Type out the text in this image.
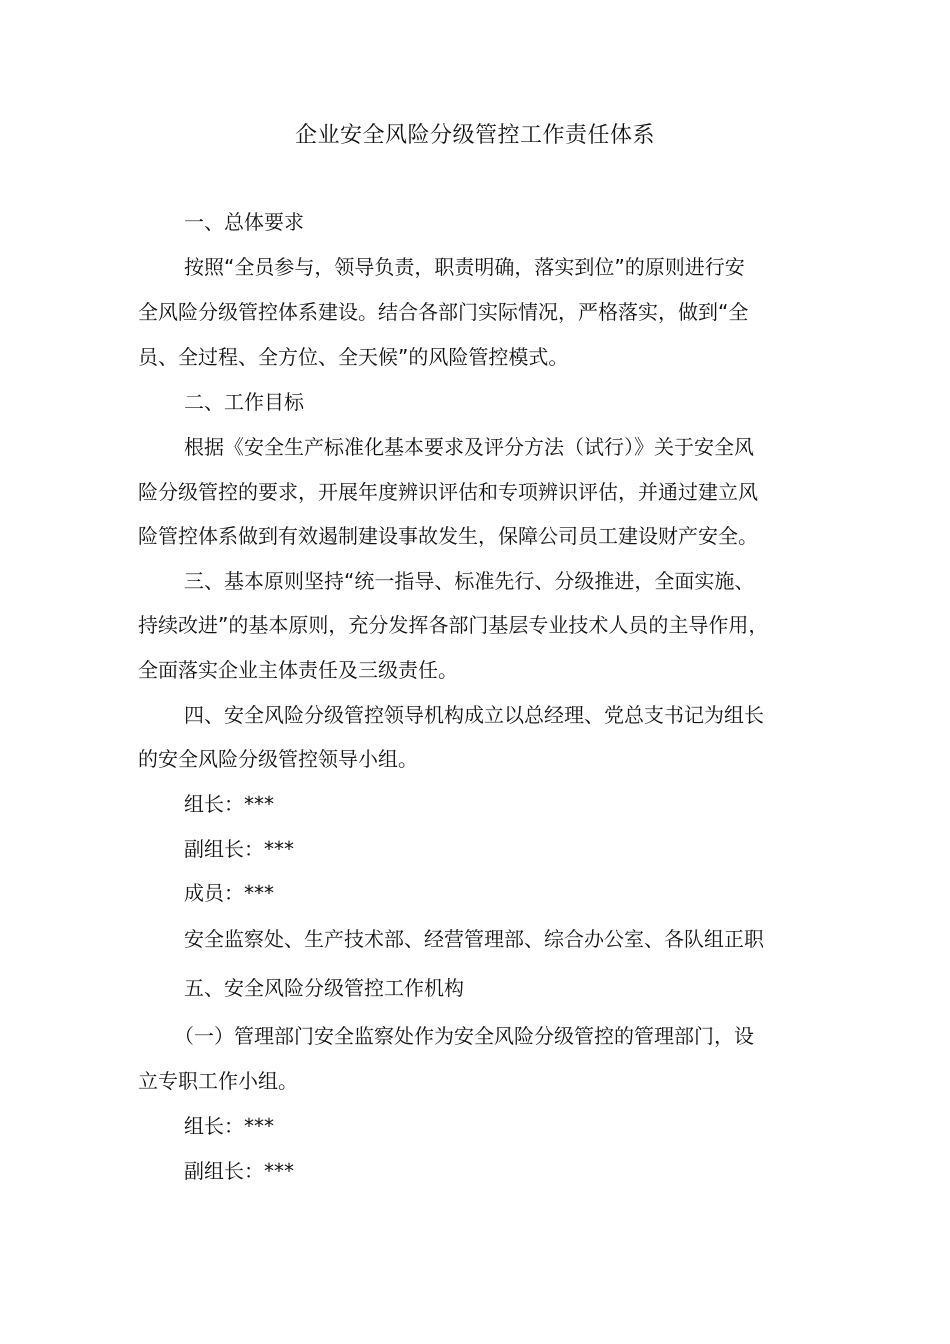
企业安全风险分级管控工作责任体系
一、总体要求
按照“全员参与，领导负责，职责明确，落实到位”的原则进行安
全风险分级管控体系建设。结合各部门实际情况，严格落实，做到“全
员、全过程、全方位、全天候”的风险管控模式。
二、工作目标
根据《安全生产标准化基本要求及评分方法（试行）》关于安全风
险分级管控的要求，开展年度辨识评估和专项辨识评估，并通过建立风
险管控体系做到有效遏制建设事故发生，保障公司员工建设财产安全。
三、基本原则坚持“统一指导、标准先行、分级推进，全面实施、
持续改进”的基本原则，充分发挥各部门基层专业技术人员的主导作用，
全面落实企业主体责任及三级责任。
四、安全风险分级管控领导机构成立以总经理、党总支书记为组长
的安全风险分级管控领导小组。
组长：***
副组长：***
成员：***
安全监察处、生产技术部、经营管理部、综合办公室、各队组正职
五、安全风险分级管控工作机构
（一）管理部门安全监察处作为安全风险分级管控的管理部门，设
立专职工作小组。
组长：***
副组长：***
